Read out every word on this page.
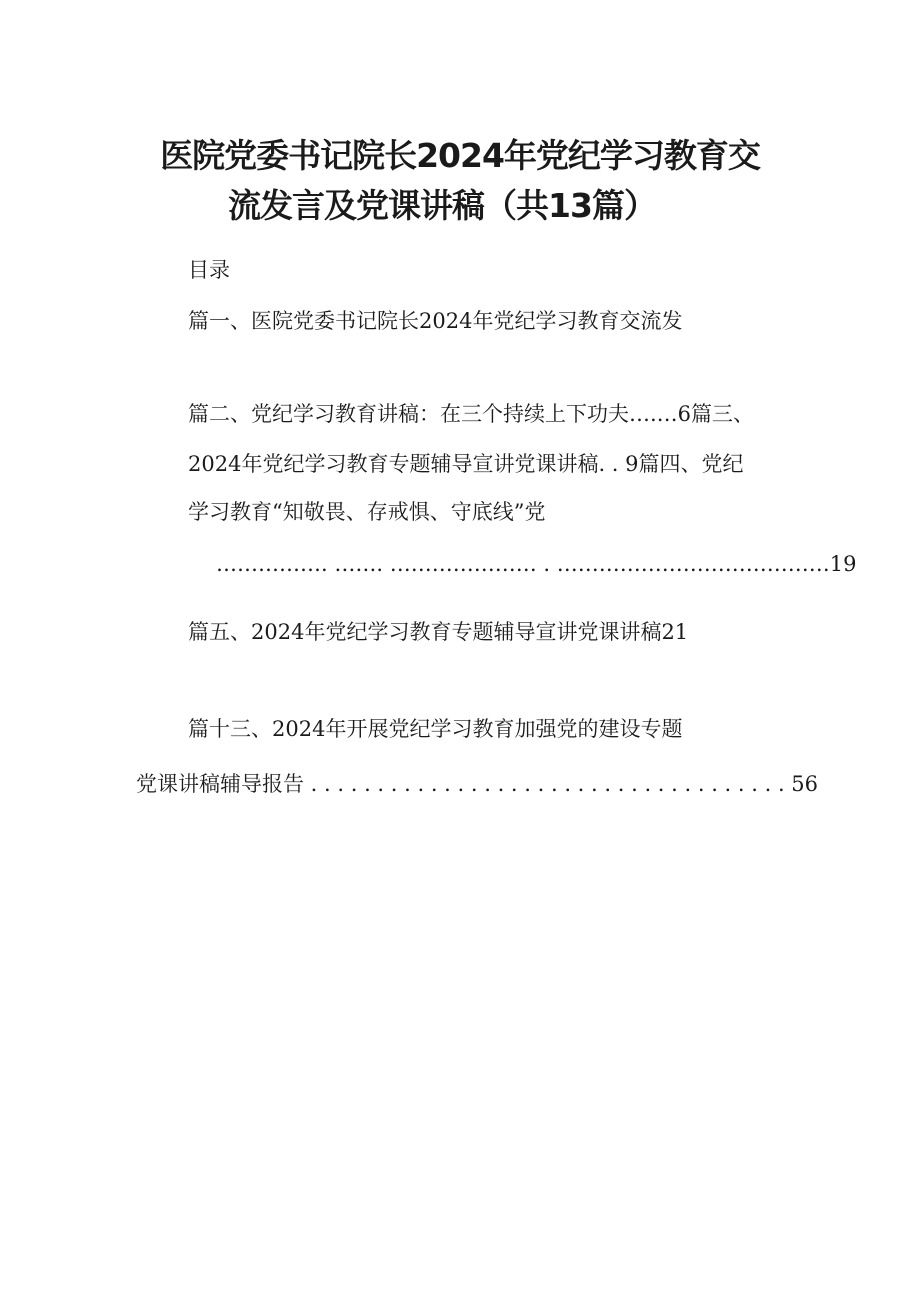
医院党委书记院长2024年党纪学习教育交
流发言及党课讲稿（共13篇）
目录
篇一、医院党委书记院长2024年党纪学习教育交流发
篇二、党纪学习教育讲稿：在三个持续上下功夫….…6篇三、
2024年党纪学习教育专题辅导宣讲党课讲稿. . 9篇四、党纪
学习教育“知敬畏、存戒惧、守底线”党
……………. ……. ………………… . …………………………………19
篇五、2024年党纪学习教育专题辅导宣讲党课讲稿21
篇十三、2024年开展党纪学习教育加强党的建设专题
党课讲稿辅导报告 . . . . . . . . . . . . . . . . . . . . . . . . . . . . . . . . . . . . 56
